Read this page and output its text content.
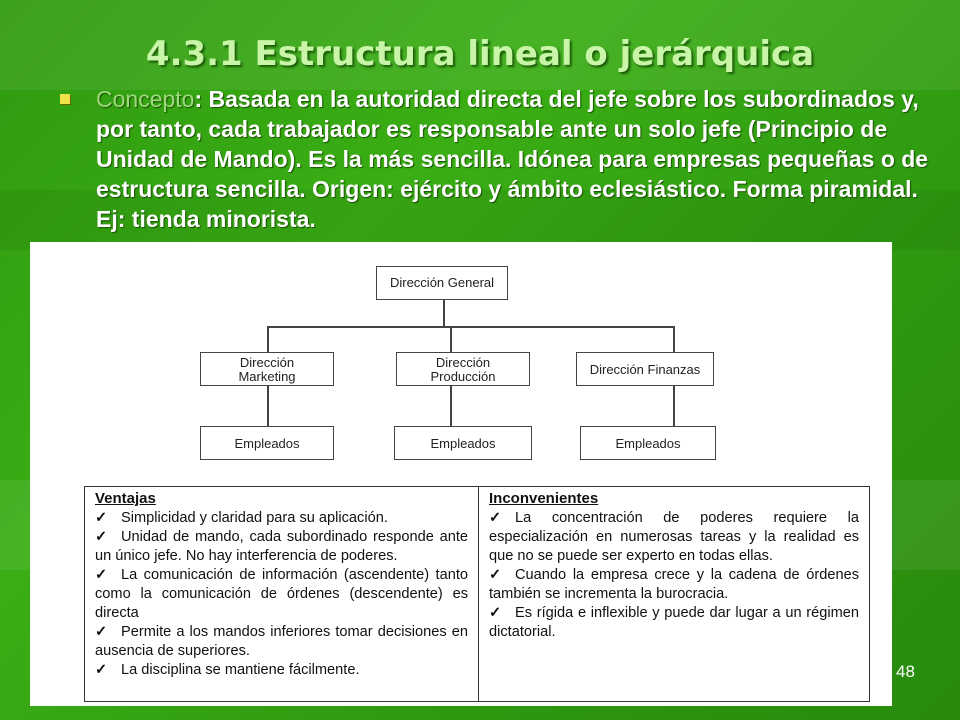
4.3.1 Estructura lineal o jerárquica
Concepto: Basada en la autoridad directa del jefe sobre los subordinados y, por tanto, cada trabajador es responsable ante un solo jefe (Principio de Unidad de Mando). Es la más sencilla. Idónea para empresas pequeñas o de estructura sencilla. Origen: ejército y ámbito eclesiástico. Forma piramidal. Ej: tienda minorista.
Dirección General
Dirección
Marketing
Dirección
Producción	Dirección Finanzas
Empleados	Empleados	Empleados

Ventajas

✓ Simplicidad y claridad para su aplicación.

✓ Unidad de mando, cada subordinado responde ante un único jefe. No hay interferencia de poderes.

✓ La comunicación de información (ascendente) tanto como la comunicación de órdenes (descendente) es directa

✓ Permite a los mandos inferiores tomar decisiones en ausencia de superiores.

✓ La disciplina se mantiene fácilmente.

Inconvenientes

✓ La concentración de poderes requiere la especialización en numerosas tareas y la realidad es que no se puede ser experto en todas ellas.

✓ Cuando la empresa crece y la cadena de órdenes también se incrementa la burocracia.

✓ Es rígida e inflexible y puede dar lugar a un régimen dictatorial.

48
